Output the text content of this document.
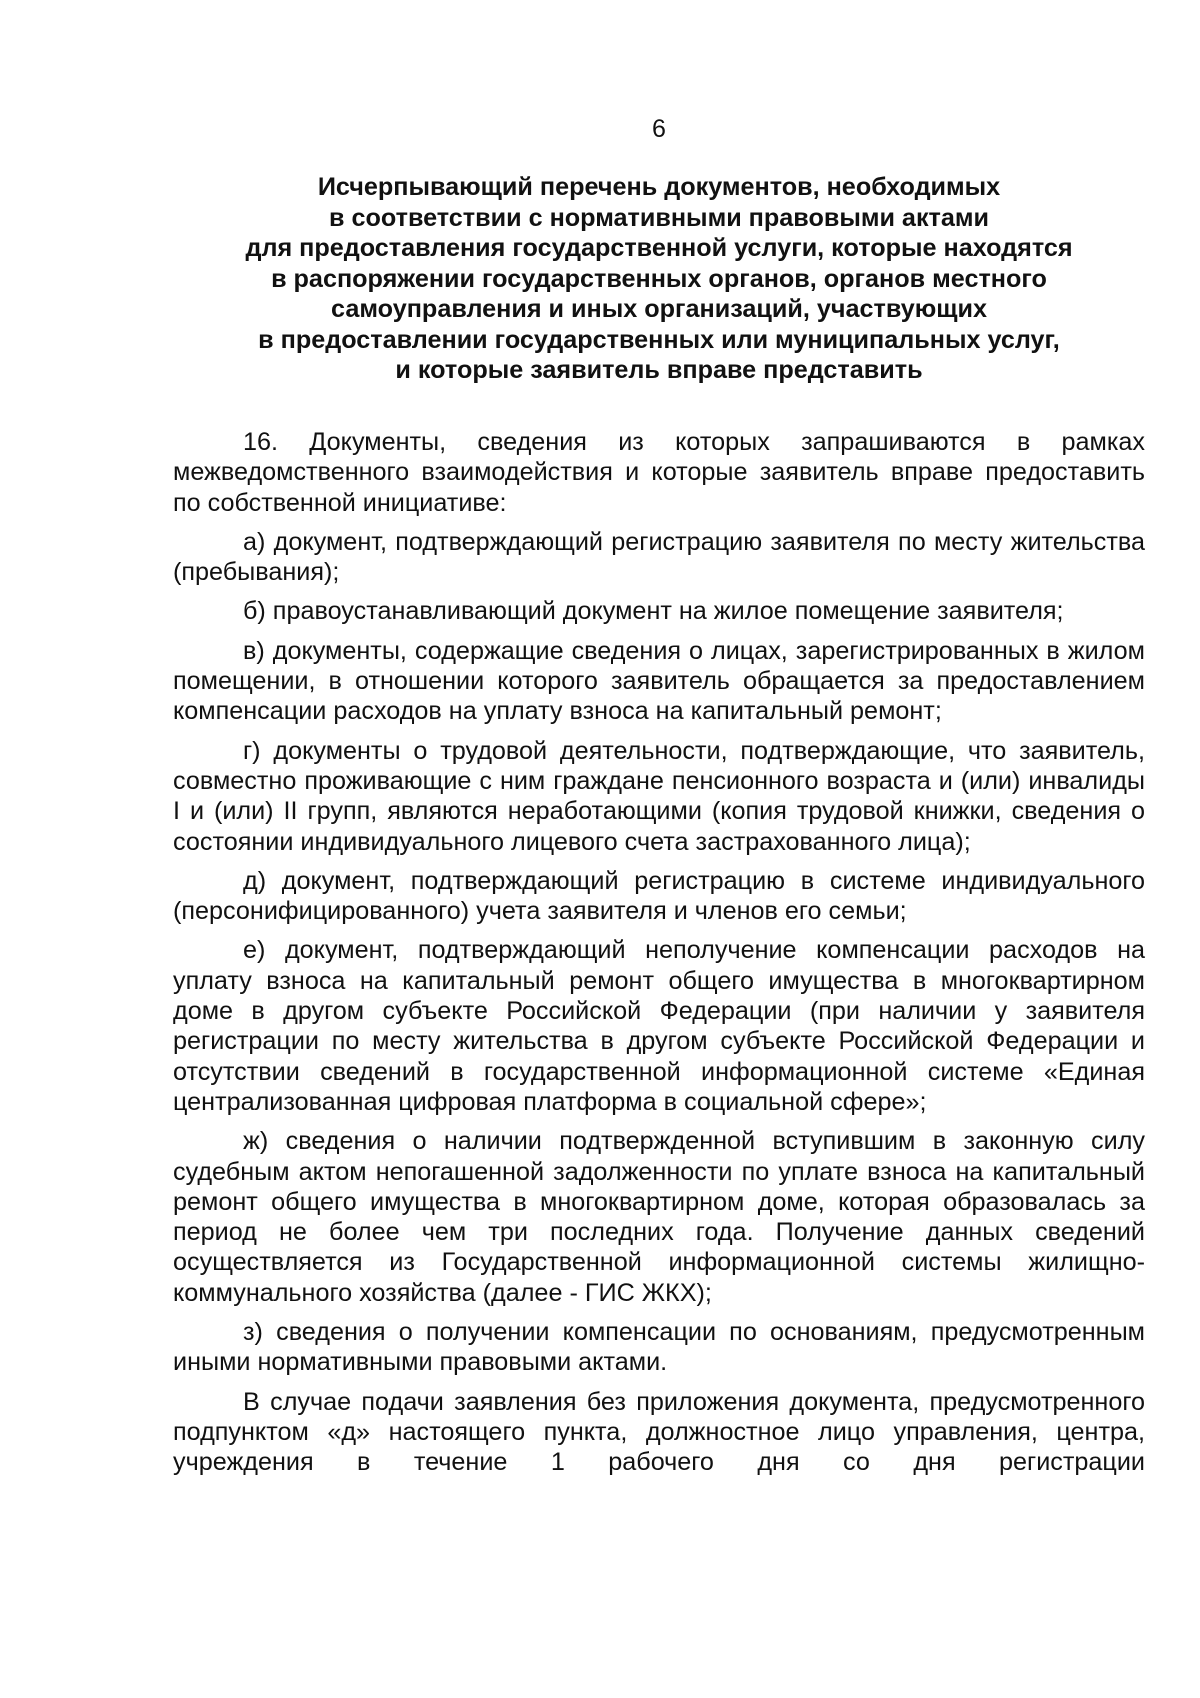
6
Исчерпывающий перечень документов, необходимых
в соответствии с нормативными правовыми актами
для предоставления государственной услуги, которые находятся
в распоряжении государственных органов, органов местного
самоуправления и иных организаций, участвующих
в предоставлении государственных или муниципальных услуг,
и которые заявитель вправе представить

16. Документы, сведения из которых запрашиваются в рамках межведомственного взаимодействия и которые заявитель вправе предоставить по собственной инициативе:

а) документ, подтверждающий регистрацию заявителя по месту жительства (пребывания);

б) правоустанавливающий документ на жилое помещение заявителя;

в) документы, содержащие сведения о лицах, зарегистрированных в жилом помещении, в отношении которого заявитель обращается за предоставлением компенсации расходов на уплату взноса на капитальный ремонт;

г) документы о трудовой деятельности, подтверждающие, что заявитель, совместно проживающие с ним граждане пенсионного возраста и (или) инвалиды I и (или) II групп, являются неработающими (копия трудовой книжки, сведения о состоянии индивидуального лицевого счета застрахованного лица);

д) документ, подтверждающий регистрацию в системе индивидуального (персонифицированного) учета заявителя и членов его семьи;

е) документ, подтверждающий неполучение компенсации расходов на уплату взноса на капитальный ремонт общего имущества в многоквартирном доме в другом субъекте Российской Федерации (при наличии у заявителя регистрации по месту жительства в другом субъекте Российской Федерации и отсутствии сведений в государственной информационной системе «Единая централизованная цифровая платформа в социальной сфере»;

ж) сведения о наличии подтвержденной вступившим в законную силу судебным актом непогашенной задолженности по уплате взноса на капитальный ремонт общего имущества в многоквартирном доме, которая образовалась за период не более чем три последних года. Получение данных сведений осуществляется из Государственной информационной системы жилищно-коммунального хозяйства (далее - ГИС ЖКХ);

з) сведения о получении компенсации по основаниям, предусмотренным иными нормативными правовыми актами.

В случае подачи заявления без приложения документа, предусмотренного подпунктом «д» настоящего пункта, должностное лицо управления, центра, учреждения в течение 1 рабочего дня со дня регистрации
